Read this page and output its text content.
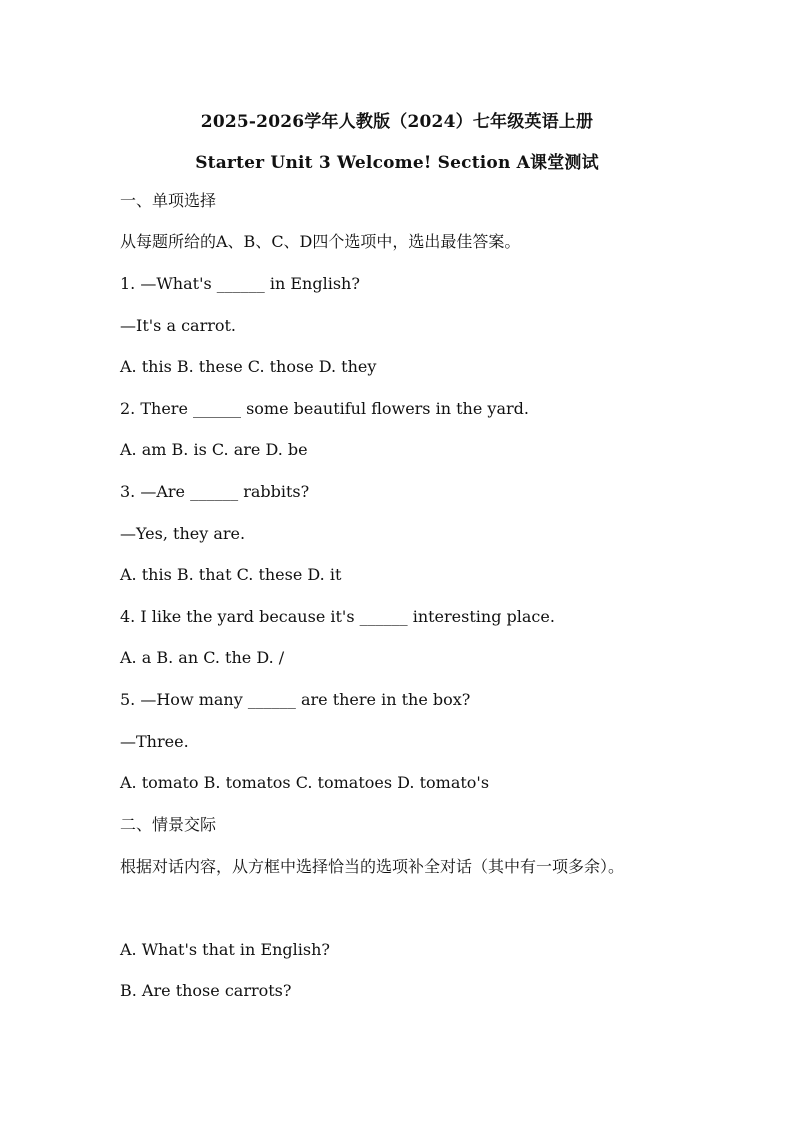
2025-2026学年人教版（2024）七年级英语上册
Starter Unit 3 Welcome! Section A课堂测试
一、单项选择
从每题所给的A、B、C、D四个选项中，选出最佳答案。
1. —What's ______ in English?
—It's a carrot.
A. this B. these C. those D. they
2. There ______ some beautiful flowers in the yard.
A. am B. is C. are D. be
3. —Are ______ rabbits?
—Yes, they are.
A. this B. that C. these D. it
4. I like the yard because it's ______ interesting place.
A. a B. an C. the D. /
5. —How many ______ are there in the box?
—Three.
A. tomato B. tomatos C. tomatoes D. tomato's
二、情景交际
根据对话内容，从方框中选择恰当的选项补全对话（其中有一项多余）。
A. What's that in English?
B. Are those carrots?
